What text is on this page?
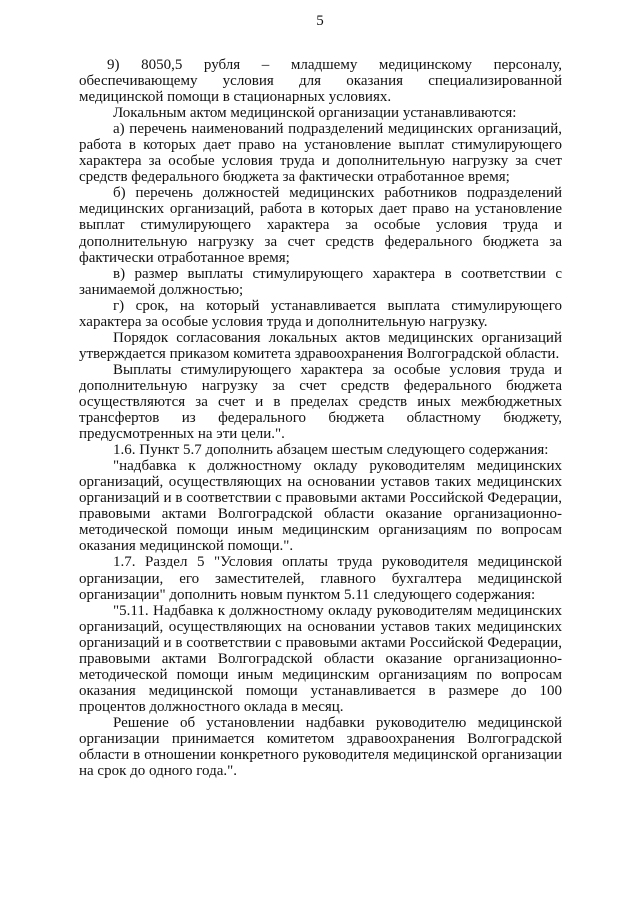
5

9) 8050,5 рубля – младшему медицинскому персоналу, обеспечивающему условия для оказания специализированной медицинской помощи в стационарных условиях.

Локальным актом медицинской организации устанавливаются:

а) перечень наименований подразделений медицинских организаций, работа в которых дает право на установление выплат стимулирующего характера за особые условия труда и дополнительную нагрузку за счет средств федерального бюджета за фактически отработанное время;

б) перечень должностей медицинских работников подразделений медицинских организаций, работа в которых дает право на установление выплат стимулирующего характера за особые условия труда и дополнительную нагрузку за счет средств федерального бюджета за фактически отработанное время;

в) размер выплаты стимулирующего характера в соответствии с занимаемой должностью;

г) срок, на который устанавливается выплата стимулирующего характера за особые условия труда и дополнительную нагрузку.

Порядок согласования локальных актов медицинских организаций утверждается приказом комитета здравоохранения Волгоградской области.

Выплаты стимулирующего характера за особые условия труда и дополнительную нагрузку за счет средств федерального бюджета осуществляются за счет и в пределах средств иных межбюджетных трансфертов из федерального бюджета областному бюджету, предусмотренных на эти цели.".

1.6. Пункт 5.7 дополнить абзацем шестым следующего содержания:

"надбавка к должностному окладу руководителям медицинских организаций, осуществляющих на основании уставов таких медицинских организаций и в соответствии с правовыми актами Российской Федерации, правовыми актами Волгоградской области оказание организационно-методической помощи иным медицинским организациям по вопросам оказания медицинской помощи.".

1.7. Раздел 5 "Условия оплаты труда руководителя медицинской организации, его заместителей, главного бухгалтера медицинской организации" дополнить новым пунктом 5.11 следующего содержания:

"5.11. Надбавка к должностному окладу руководителям медицинских организаций, осуществляющих на основании уставов таких медицинских организаций и в соответствии с правовыми актами Российской Федерации, правовыми актами Волгоградской области оказание организационно-методической помощи иным медицинским организациям по вопросам оказания медицинской помощи устанавливается в размере до 100 процентов должностного оклада в месяц.

Решение об установлении надбавки руководителю медицинской организации принимается комитетом здравоохранения Волгоградской области в отношении конкретного руководителя медицинской организации на срок до одного года.".
